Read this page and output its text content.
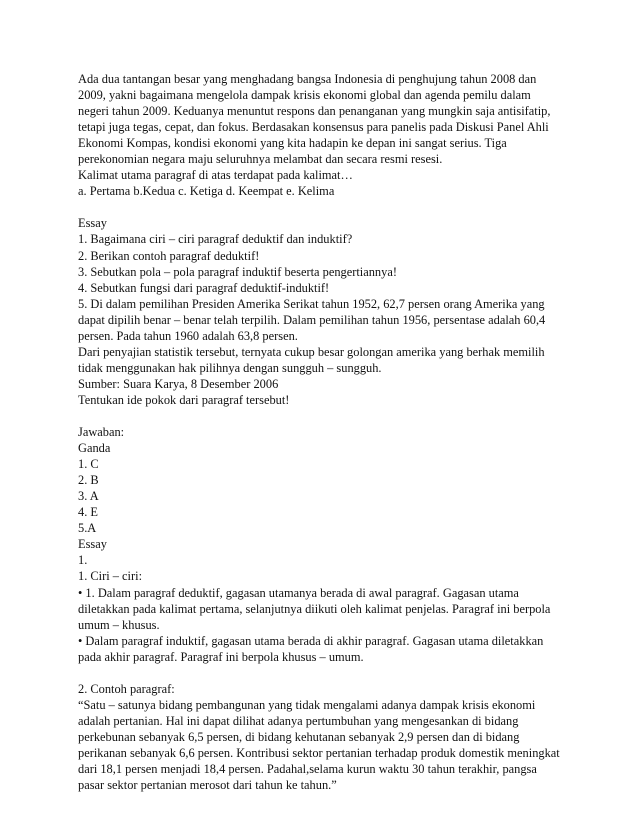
Ada dua tantangan besar yang menghadang bangsa Indonesia di penghujung tahun 2008 dan
2009, yakni bagaimana mengelola dampak krisis ekonomi global dan agenda pemilu dalam
negeri tahun 2009. Keduanya menuntut respons dan penanganan yang mungkin saja antisifatip,
tetapi juga tegas, cepat, dan fokus. Berdasakan konsensus para panelis pada Diskusi Panel Ahli
Ekonomi Kompas, kondisi ekonomi yang kita hadapin ke depan ini sangat serius. Tiga
perekonomian negara maju seluruhnya melambat dan secara resmi resesi.
Kalimat utama paragraf di atas terdapat pada kalimat…
a. Pertama b.Kedua c. Ketiga d. Keempat e. Kelima
Essay
1. Bagaimana ciri – ciri paragraf deduktif dan induktif?
2. Berikan contoh paragraf deduktif!
3. Sebutkan pola – pola paragraf induktif beserta pengertiannya!
4. Sebutkan fungsi dari paragraf deduktif-induktif!
5. Di dalam pemilihan Presiden Amerika Serikat tahun 1952, 62,7 persen orang Amerika yang
dapat dipilih benar – benar telah terpilih. Dalam pemilihan tahun 1956, persentase adalah 60,4
persen. Pada tahun 1960 adalah 63,8 persen.
Dari penyajian statistik tersebut, ternyata cukup besar golongan amerika yang berhak memilih
tidak menggunakan hak pilihnya dengan sungguh – sungguh.
Sumber: Suara Karya, 8 Desember 2006
Tentukan ide pokok dari paragraf tersebut!
Jawaban:
Ganda
1. C
2. B
3. A
4. E
5.A
Essay
1.
1. Ciri – ciri:
• 1. Dalam paragraf deduktif, gagasan utamanya berada di awal paragraf. Gagasan utama
diletakkan pada kalimat pertama, selanjutnya diikuti oleh kalimat penjelas. Paragraf ini berpola
umum – khusus.
• Dalam paragraf induktif, gagasan utama berada di akhir paragraf. Gagasan utama diletakkan
pada akhir paragraf. Paragraf ini berpola khusus – umum.
2. Contoh paragraf:
“Satu – satunya bidang pembangunan yang tidak mengalami adanya dampak krisis ekonomi
adalah pertanian. Hal ini dapat dilihat adanya pertumbuhan yang mengesankan di bidang
perkebunan sebanyak 6,5 persen, di bidang kehutanan sebanyak 2,9 persen dan di bidang
perikanan sebanyak 6,6 persen. Kontribusi sektor pertanian terhadap produk domestik meningkat
dari 18,1 persen menjadi 18,4 persen. Padahal,selama kurun waktu 30 tahun terakhir, pangsa
pasar sektor pertanian merosot dari tahun ke tahun.”
